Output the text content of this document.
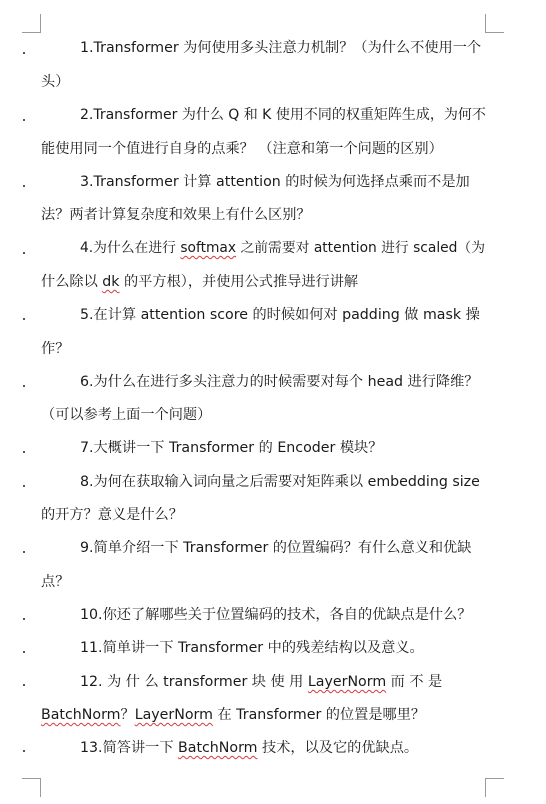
1.Transformer 为何使用多头注意力机制？（为什么不使用一个
头）
2.Transformer 为什么 Q 和 K 使用不同的权重矩阵生成，为何不
能使用同一个值进行自身的点乘？ （注意和第一个问题的区别）
3.Transformer 计算 attention 的时候为何选择点乘而不是加
法？两者计算复杂度和效果上有什么区别？
4.为什么在进行 softmax 之前需要对 attention 进行 scaled（为
什么除以 dk 的平方根），并使用公式推导进行讲解
5.在计算 attention score 的时候如何对 padding 做 mask 操
作？
6.为什么在进行多头注意力的时候需要对每个 head 进行降维？
（可以参考上面一个问题）
7.大概讲一下 Transformer 的 Encoder 模块？
8.为何在获取输入词向量之后需要对矩阵乘以 embedding size
的开方？意义是什么？
9.简单介绍一下 Transformer 的位置编码？有什么意义和优缺
点？
10.你还了解哪些关于位置编码的技术，各自的优缺点是什么？
11.简单讲一下 Transformer 中的残差结构以及意义。
12. 为 什 么 transformer 块 使 用 LayerNorm 而 不 是
BatchNorm？LayerNorm 在 Transformer 的位置是哪里？
13.简答讲一下 BatchNorm 技术，以及它的优缺点。
